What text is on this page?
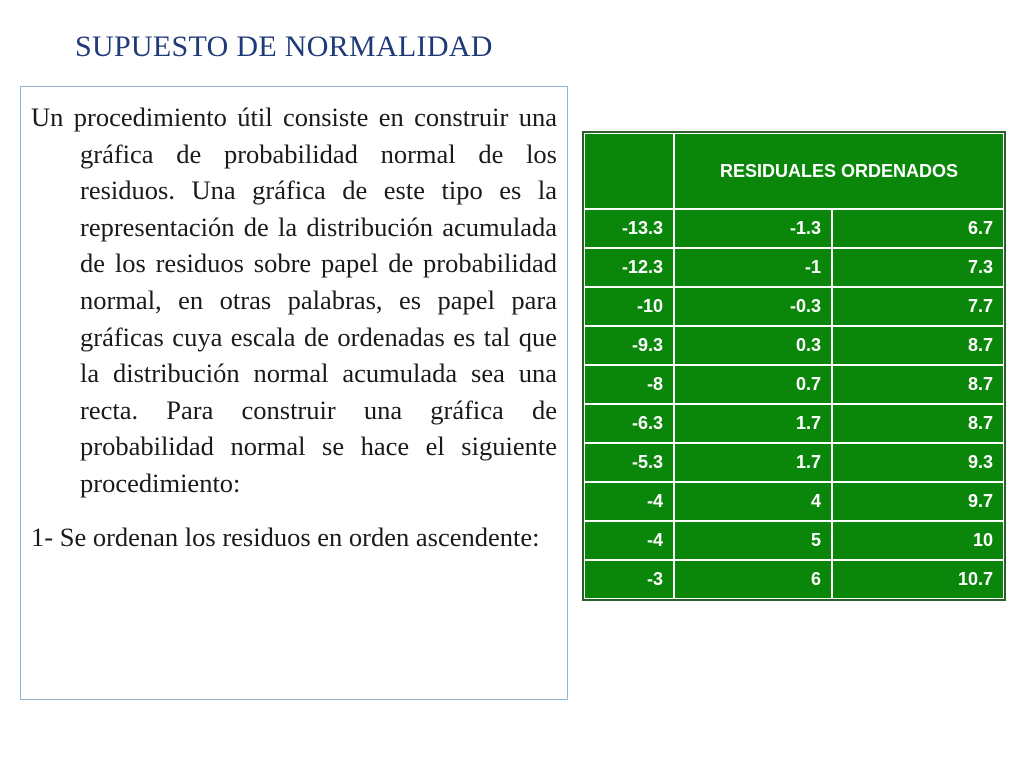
SUPUESTO DE NORMALIDAD

Un procedimiento útil consiste en construir una gráfica de probabilidad normal de los residuos. Una gráfica de este tipo es la representación de la distribución acumulada de los residuos sobre papel de probabilidad normal, en otras palabras, es papel para gráficas cuya escala de ordenadas es tal que la distribución normal acumulada sea una recta. Para construir una gráfica de probabilidad normal se hace el siguiente procedimiento:

1- Se ordenan los residuos en orden ascendente:

	RESIDUALES ORDENADOS	
-13.3	-1.3	6.7
-12.3	-1	7.3
-10	-0.3	7.7
-9.3	0.3	8.7
-8	0.7	8.7
-6.3	1.7	8.7
-5.3	1.7	9.3
-4	4	9.7
-4	5	10
-3	6	10.7
